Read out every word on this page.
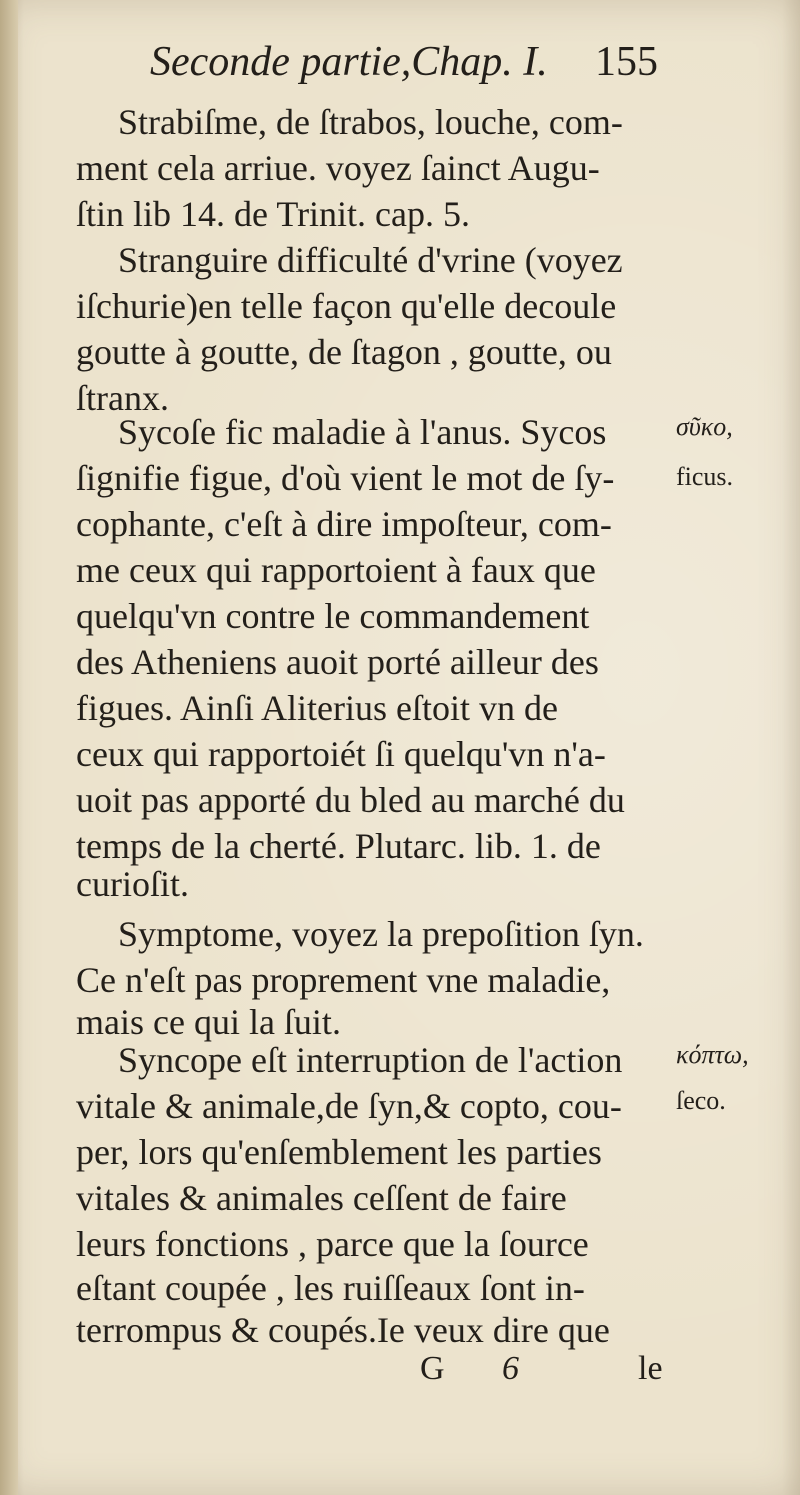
Seconde partie,Chap. I. 155
Strabiſme, de ſtrabos, louche, com-
ment cela arriue. voyez ſainct Augu-
ſtin lib 14. de Trinit. cap. 5.
Stranguire difficulté d'vrine (voyez
iſchurie)en telle façon qu'elle decoule
goutte à goutte, de ſtagon , goutte, ou
ſtranx.
Sycoſe fic maladie à l'anus. Sycos
ſignifie figue, d'où vient le mot de ſy-
cophante, c'eſt à dire impoſteur, com-
me ceux qui rapportoient à faux que
quelqu'vn contre le commandement
des Atheniens auoit porté ailleur des
figues. Ainſi Aliterius eſtoit vn de
ceux qui rapportoiét ſi quelqu'vn n'a-
uoit pas apporté du bled au marché du
temps de la cherté. Plutarc. lib. 1. de
curioſit.
Symptome, voyez la prepoſition ſyn.
Ce n'eſt pas proprement vne maladie,
mais ce qui la ſuit.
Syncope eſt interruption de l'action
vitale & animale,de ſyn,& copto, cou-
per, lors qu'enſemblement les parties
vitales & animales ceſſent de faire
leurs fonctions , parce que la ſource
eſtant coupée , les ruiſſeaux ſont in-
terrompus & coupés.Ie veux dire que
σῦκο,
ficus.
κόπτω,
ſeco.
G 6	le
